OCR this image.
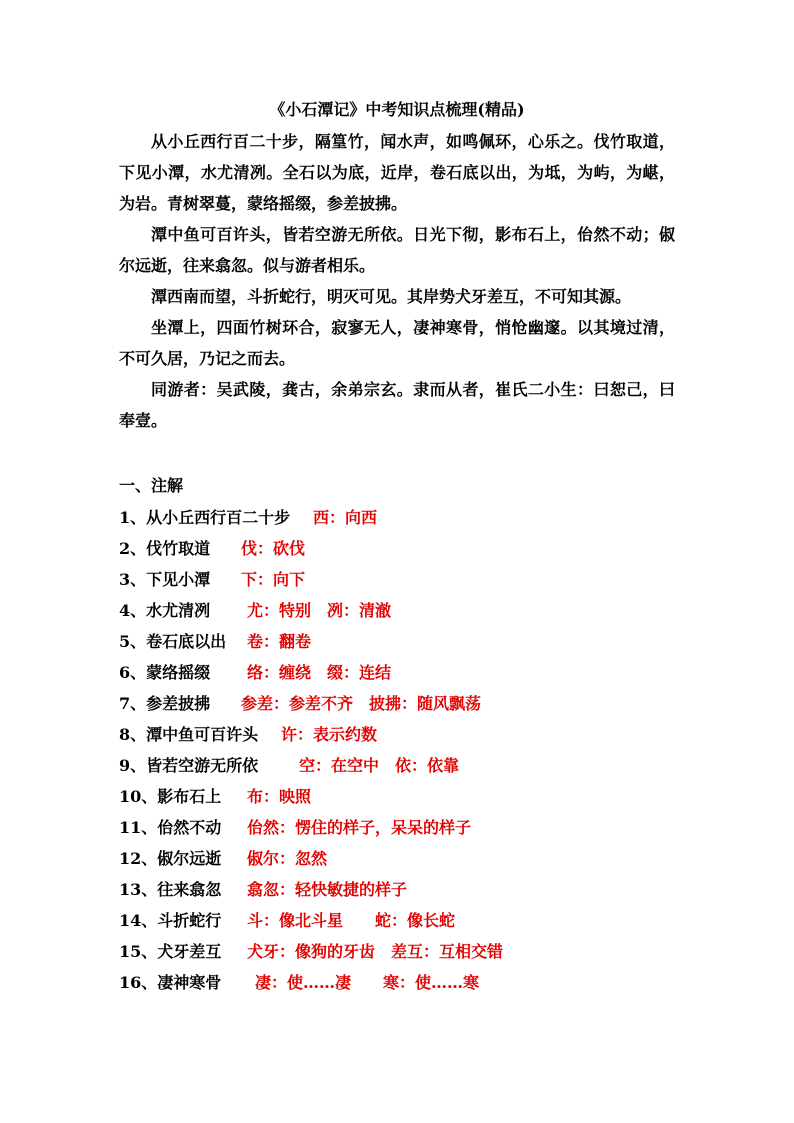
《小石潭记》中考知识点梳理(精品)

从小丘西行百二十步，隔篁竹，闻水声，如鸣佩环，心乐之。伐竹取道，下见小潭，水尤清冽。全石以为底，近岸，卷石底以出，为坻，为屿，为嵁，为岩。青树翠蔓，蒙络摇缀，参差披拂。

潭中鱼可百许头，皆若空游无所依。日光下彻，影布石上，佁然不动；俶尔远逝，往来翕忽。似与游者相乐。

潭西南而望，斗折蛇行，明灭可见。其岸势犬牙差互，不可知其源。

坐潭上，四面竹树环合，寂寥无人，凄神寒骨，悄怆幽邃。以其境过清，不可久居，乃记之而去。

同游者：吴武陵，龚古，余弟宗玄。隶而从者，崔氏二小生：曰恕己，曰奉壹。

一、注解
1、从小丘西行百二十步 西：向西
2、伐竹取道 伐：砍伐
3、下见小潭 下：向下
4、水尤清冽 尤：特别　冽：清澈
5、卷石底以出 卷：翻卷
6、蒙络摇缀 络：缠绕　缀：连结
7、参差披拂 参差：参差不齐　披拂：随风飘荡
8、潭中鱼可百许头 许：表示约数
9、皆若空游无所依	空：在空中　依：依靠
10、影布石上 布：映照
11、佁然不动 佁然：愣住的样子，呆呆的样子
12、俶尔远逝 俶尔：忽然
13、往来翕忽 翕忽：轻快敏捷的样子
14、斗折蛇行 斗：像北斗星　　蛇：像长蛇
15、犬牙差互 犬牙：像狗的牙齿　差互：互相交错
16、凄神寒骨 凄：使……凄　　寒：使……寒
